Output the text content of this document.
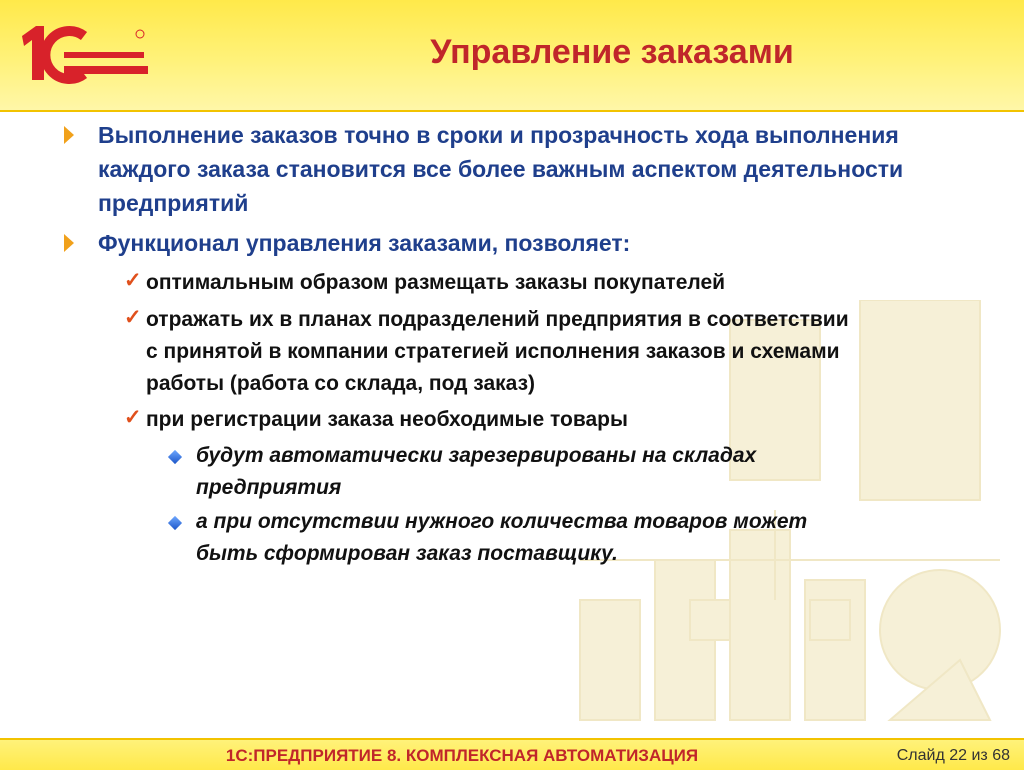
Управление заказами
Выполнение заказов точно в сроки и прозрачность хода выполнения каждого заказа становится все более важным аспектом деятельности предприятий
Функционал управления заказами, позволяет:
✓ оптимальным образом размещать заказы покупателей
✓ отражать их в планах подразделений предприятия в соответствии
с принятой в компании стратегией исполнения заказов и схемами
работы (работа со склада, под заказ)
✓ при регистрации заказа необходимые товары
будут автоматически зарезервированы на складах
предприятия
а при отсутствии нужного количества товаров может
быть сформирован заказ поставщику.
1С:ПРЕДПРИЯТИЕ 8. КОМПЛЕКСНАЯ АВТОМАТИЗАЦИЯ	Слайд 22 из 68
